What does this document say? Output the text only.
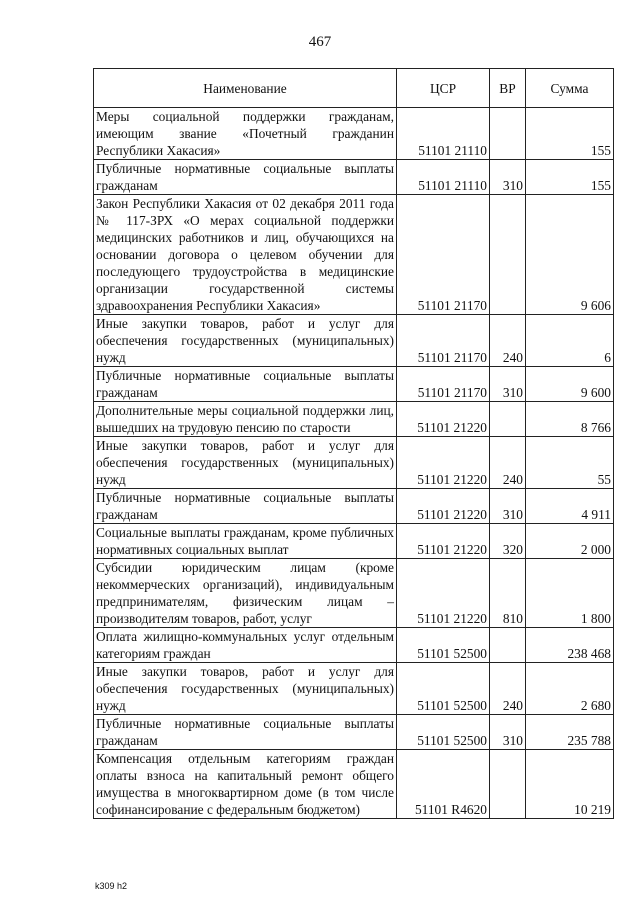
467
Наименование	ЦСР	ВР	Сумма
Меры социальной поддержки гражданам, имеющим звание «Почетный гражданин Республики Хакасия»	51101 21110		155
Публичные нормативные социальные выплаты гражданам	51101 21110	310	155
Закон Республики Хакасия от 02 декабря 2011 года № 117-ЗРХ «О мерах социальной поддержки медицинских работников и лиц, обучающихся на основании договора о целевом обучении для последующего трудоустройства в медицинские организации государственной системы здравоохранения Республики Хакасия»	51101 21170		9 606
Иные закупки товаров, работ и услуг для обеспечения государственных (муниципальных) нужд	51101 21170	240	6
Публичные нормативные социальные выплаты гражданам	51101 21170	310	9 600
Дополнительные меры социальной поддержки лиц, вышедших на трудовую пенсию по старости	51101 21220		8 766
Иные закупки товаров, работ и услуг для обеспечения государственных (муниципальных) нужд	51101 21220	240	55
Публичные нормативные социальные выплаты гражданам	51101 21220	310	4 911
Социальные выплаты гражданам, кроме публичных нормативных социальных выплат	51101 21220	320	2 000
Субсидии юридическим лицам (кроме некоммерческих организаций), индивидуальным предпринимателям, физическим лицам – производителям товаров, работ, услуг	51101 21220	810	1 800
Оплата жилищно-коммунальных услуг отдельным категориям граждан	51101 52500		238 468
Иные закупки товаров, работ и услуг для обеспечения государственных (муниципальных) нужд	51101 52500	240	2 680
Публичные нормативные социальные выплаты гражданам	51101 52500	310	235 788
Компенсация отдельным категориям граждан оплаты взноса на капитальный ремонт общего имущества в многоквартирном доме (в том числе софинансирование с федеральным бюджетом)	51101 R4620		10 219
k309 h2
